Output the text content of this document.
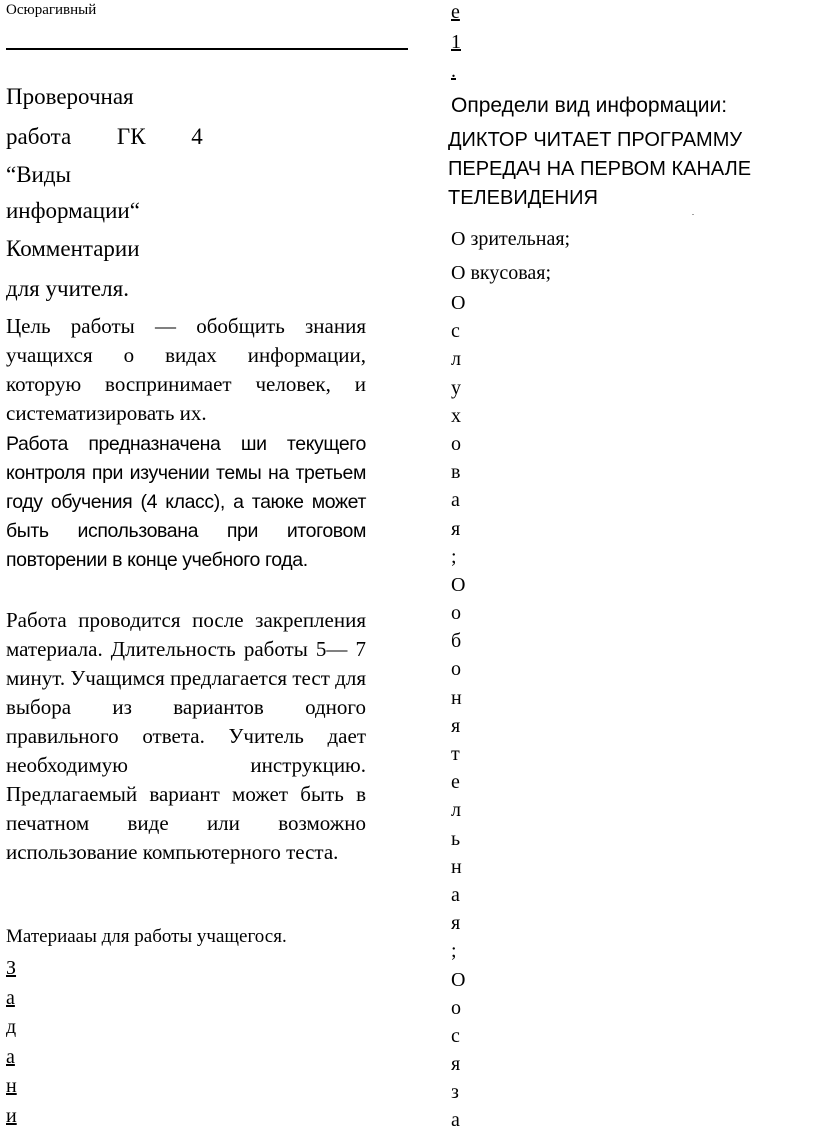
Осюрагивный
Проверочная
работа ГК 4
“Виды
информации“
Комментарии
для учителя.
Цель работы — обобщить знания учащихся о видах информации, которую воспринимает человек, и систематизировать их.
Работа предназначена ши текущего контроля при изучении темы на третьем году обучения (4 класс), а таюке может быть использована при итоговом повторении в конце учебного года.
Работа проводится после закрепления материала. Длительность работы 5— 7 минут. Учащимся предлагается тест для выбора из вариантов одного правильного ответа. Учитель дает необходимую инструкцию. Предлагаемый вариант может быть в печатном виде или возможно использование компьютерного теста.
Материаaы для работы учащегося.
З
а
д
а
н
и
е
1
.
Определи вид информации:
ДИКТОР ЧИТАЕТ ПРОГРАММУ
ПЕРЕДАЧ НА ПЕРВОМ КАНАЛЕ
ТЕЛЕВИДЕНИЯ
.
О зрительная;
О вкусовая;
О
с
л
у
х
о
в
а
я
;
О
о
б
о
н
я
т
е
л
ь
н
а
я
;
О
о
с
я
з
а
